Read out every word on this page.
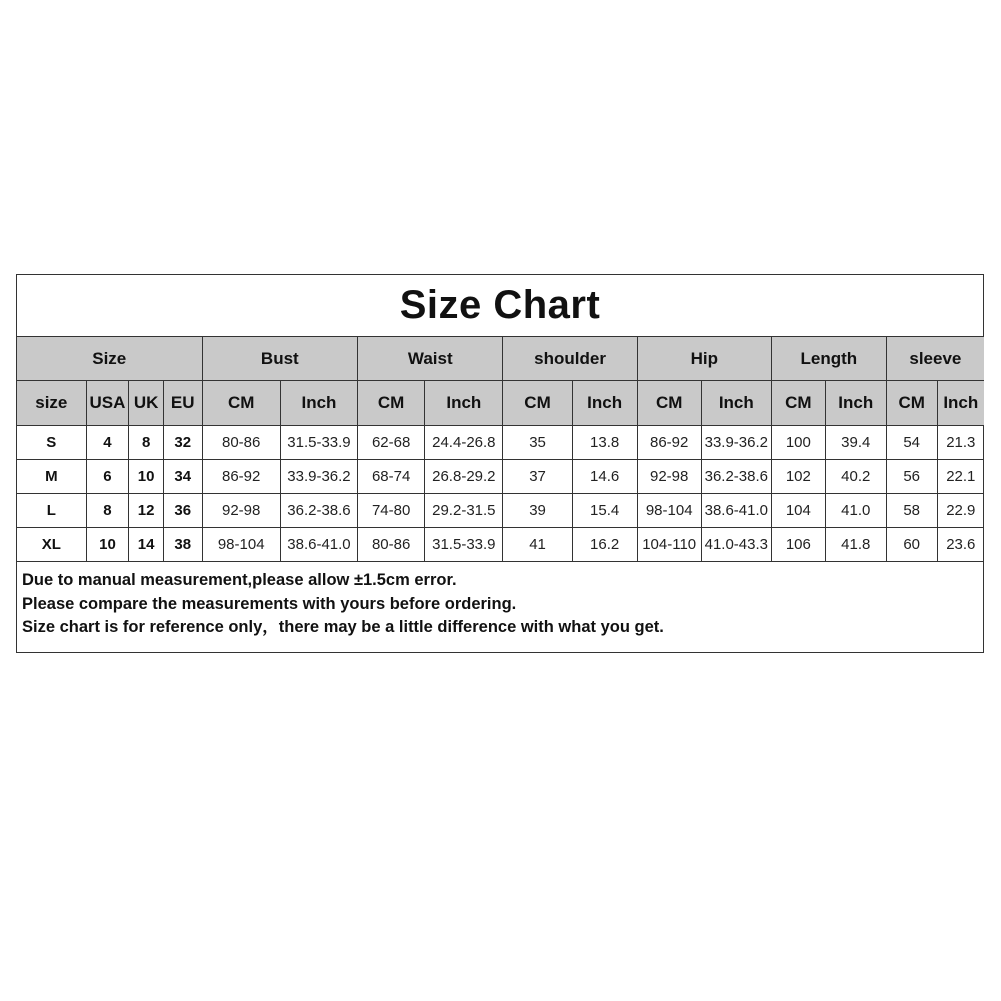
Size Chart
Size				Bust		Waist		shoulder		Hip		Length		sleeve	
size	USA	UK	EU	CM	Inch	CM	Inch	CM	Inch	CM	Inch	CM	Inch	CM	Inch
S	4	8	32	80-86	31.5-33.9	62-68	24.4-26.8	35	13.8	86-92	33.9-36.2	100	39.4	54	21.3
M	6	10	34	86-92	33.9-36.2	68-74	26.8-29.2	37	14.6	92-98	36.2-38.6	102	40.2	56	22.1
L	8	12	36	92-98	36.2-38.6	74-80	29.2-31.5	39	15.4	98-104	38.6-41.0	104	41.0	58	22.9
XL	10	14	38	98-104	38.6-41.0	80-86	31.5-33.9	41	16.2	104-110	41.0-43.3	106	41.8	60	23.6
Due to manual measurement,please allow ±1.5cm error.
Please compare the measurements with yours before ordering.
Size chart is for reference only，there may be a little difference with what you get.
